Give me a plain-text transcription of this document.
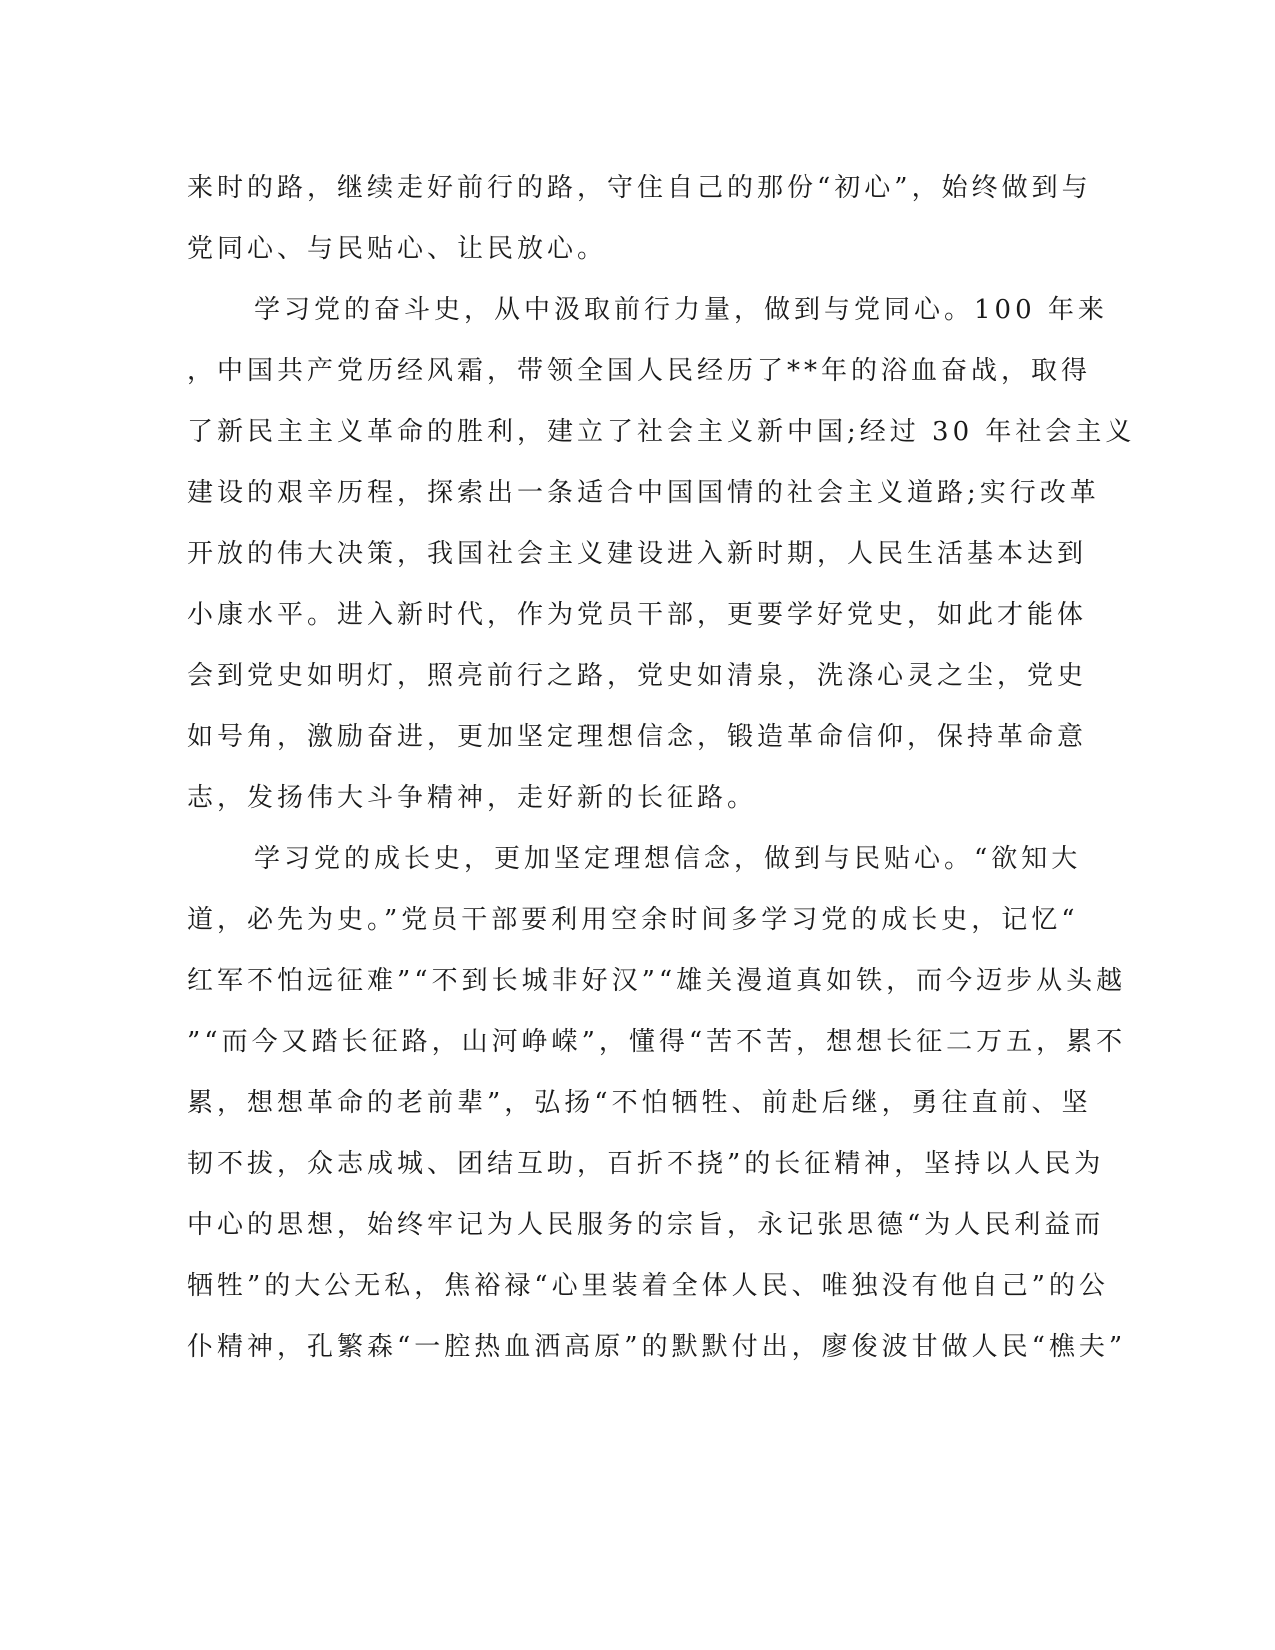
来时的路，继续走好前行的路，守住自己的那份“初心”，始终做到与
党同心、与民贴心、让民放心。
学习党的奋斗史，从中汲取前行力量，做到与党同心。100 年来
，中国共产党历经风霜，带领全国人民经历了**年的浴血奋战，取得
了新民主主义革命的胜利，建立了社会主义新中国;经过 30 年社会主义
建设的艰辛历程，探索出一条适合中国国情的社会主义道路;实行改革
开放的伟大决策，我国社会主义建设进入新时期，人民生活基本达到
小康水平。进入新时代，作为党员干部，更要学好党史，如此才能体
会到党史如明灯，照亮前行之路，党史如清泉，洗涤心灵之尘，党史
如号角，激励奋进，更加坚定理想信念，锻造革命信仰，保持革命意
志，发扬伟大斗争精神，走好新的长征路。
学习党的成长史，更加坚定理想信念，做到与民贴心。“欲知大
道，必先为史。”党员干部要利用空余时间多学习党的成长史，记忆“
红军不怕远征难”“不到长城非好汉”“雄关漫道真如铁，而今迈步从头越
”“而今又踏长征路，山河峥嵘”，懂得“苦不苦，想想长征二万五，累不
累，想想革命的老前辈”，弘扬“不怕牺牲、前赴后继，勇往直前、坚
韧不拔，众志成城、团结互助，百折不挠”的长征精神，坚持以人民为
中心的思想，始终牢记为人民服务的宗旨，永记张思德“为人民利益而
牺牲”的大公无私，焦裕禄“心里装着全体人民、唯独没有他自己”的公
仆精神，孔繁森“一腔热血洒高原”的默默付出，廖俊波甘做人民“樵夫”
